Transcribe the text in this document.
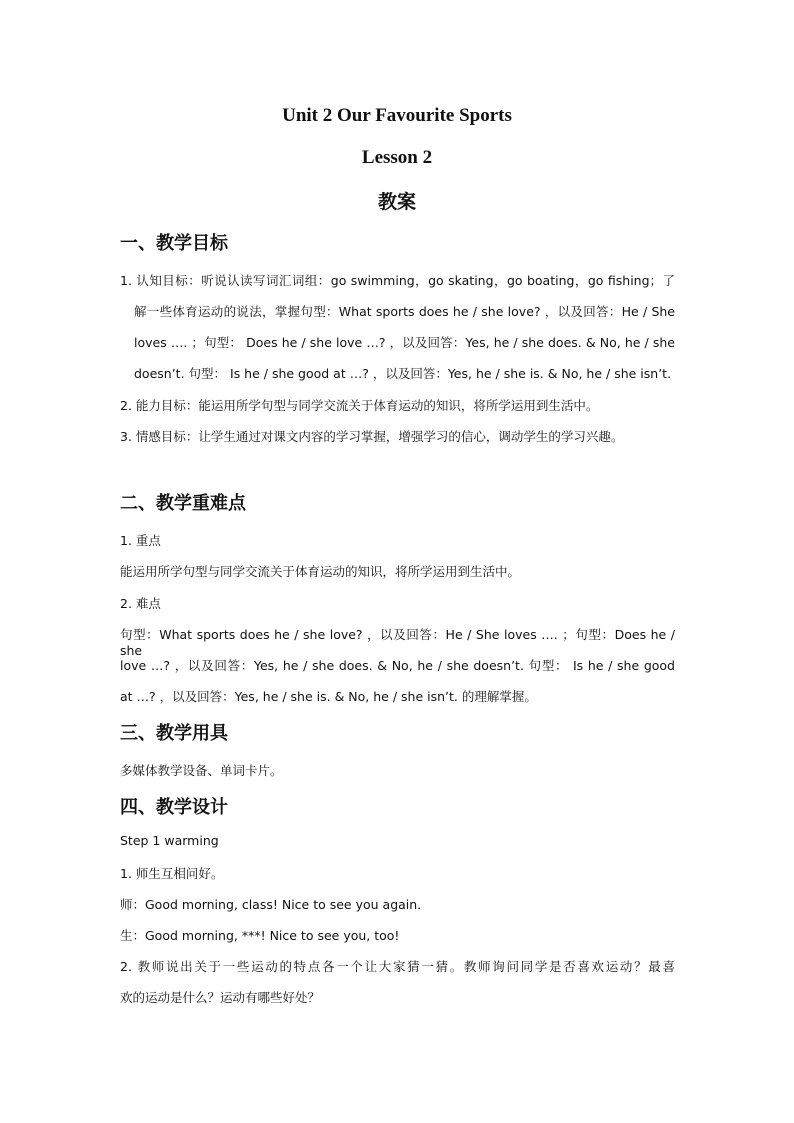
Unit 2 Our Favourite Sports
Lesson 2
教案
一、教学目标
1. 认知目标：听说认读写词汇词组：go swimming，go skating，go boating，go fishing；了
解一些体育运动的说法，掌握句型：What sports does he / she love? ，以及回答：He / She
loves …. ；句型： Does he / she love …? ，以及回答：Yes, he / she does. & No, he / she
doesn’t. 句型： Is he / she good at …? ，以及回答：Yes, he / she is. & No, he / she isn’t.
2. 能力目标：能运用所学句型与同学交流关于体育运动的知识，将所学运用到生活中。
3. 情感目标：让学生通过对课文内容的学习掌握，增强学习的信心，调动学生的学习兴趣。
二、教学重难点
1. 重点
能运用所学句型与同学交流关于体育运动的知识，将所学运用到生活中。
2. 难点
句型：What sports does he / she love? ，以及回答：He / She loves …. ；句型：Does he / she
love …? ，以及回答：Yes, he / she does. & No, he / she doesn’t. 句型： Is he / she good
at …? ，以及回答：Yes, he / she is. & No, he / she isn’t. 的理解掌握。
三、教学用具
多媒体教学设备、单词卡片。
四、教学设计
Step 1 warming
1. 师生互相问好。
师：Good morning, class! Nice to see you again.
生：Good morning, ***! Nice to see you, too!
2. 教师说出关于一些运动的特点各一个让大家猜一猜。教师询问同学是否喜欢运动？最喜
欢的运动是什么？运动有哪些好处？
